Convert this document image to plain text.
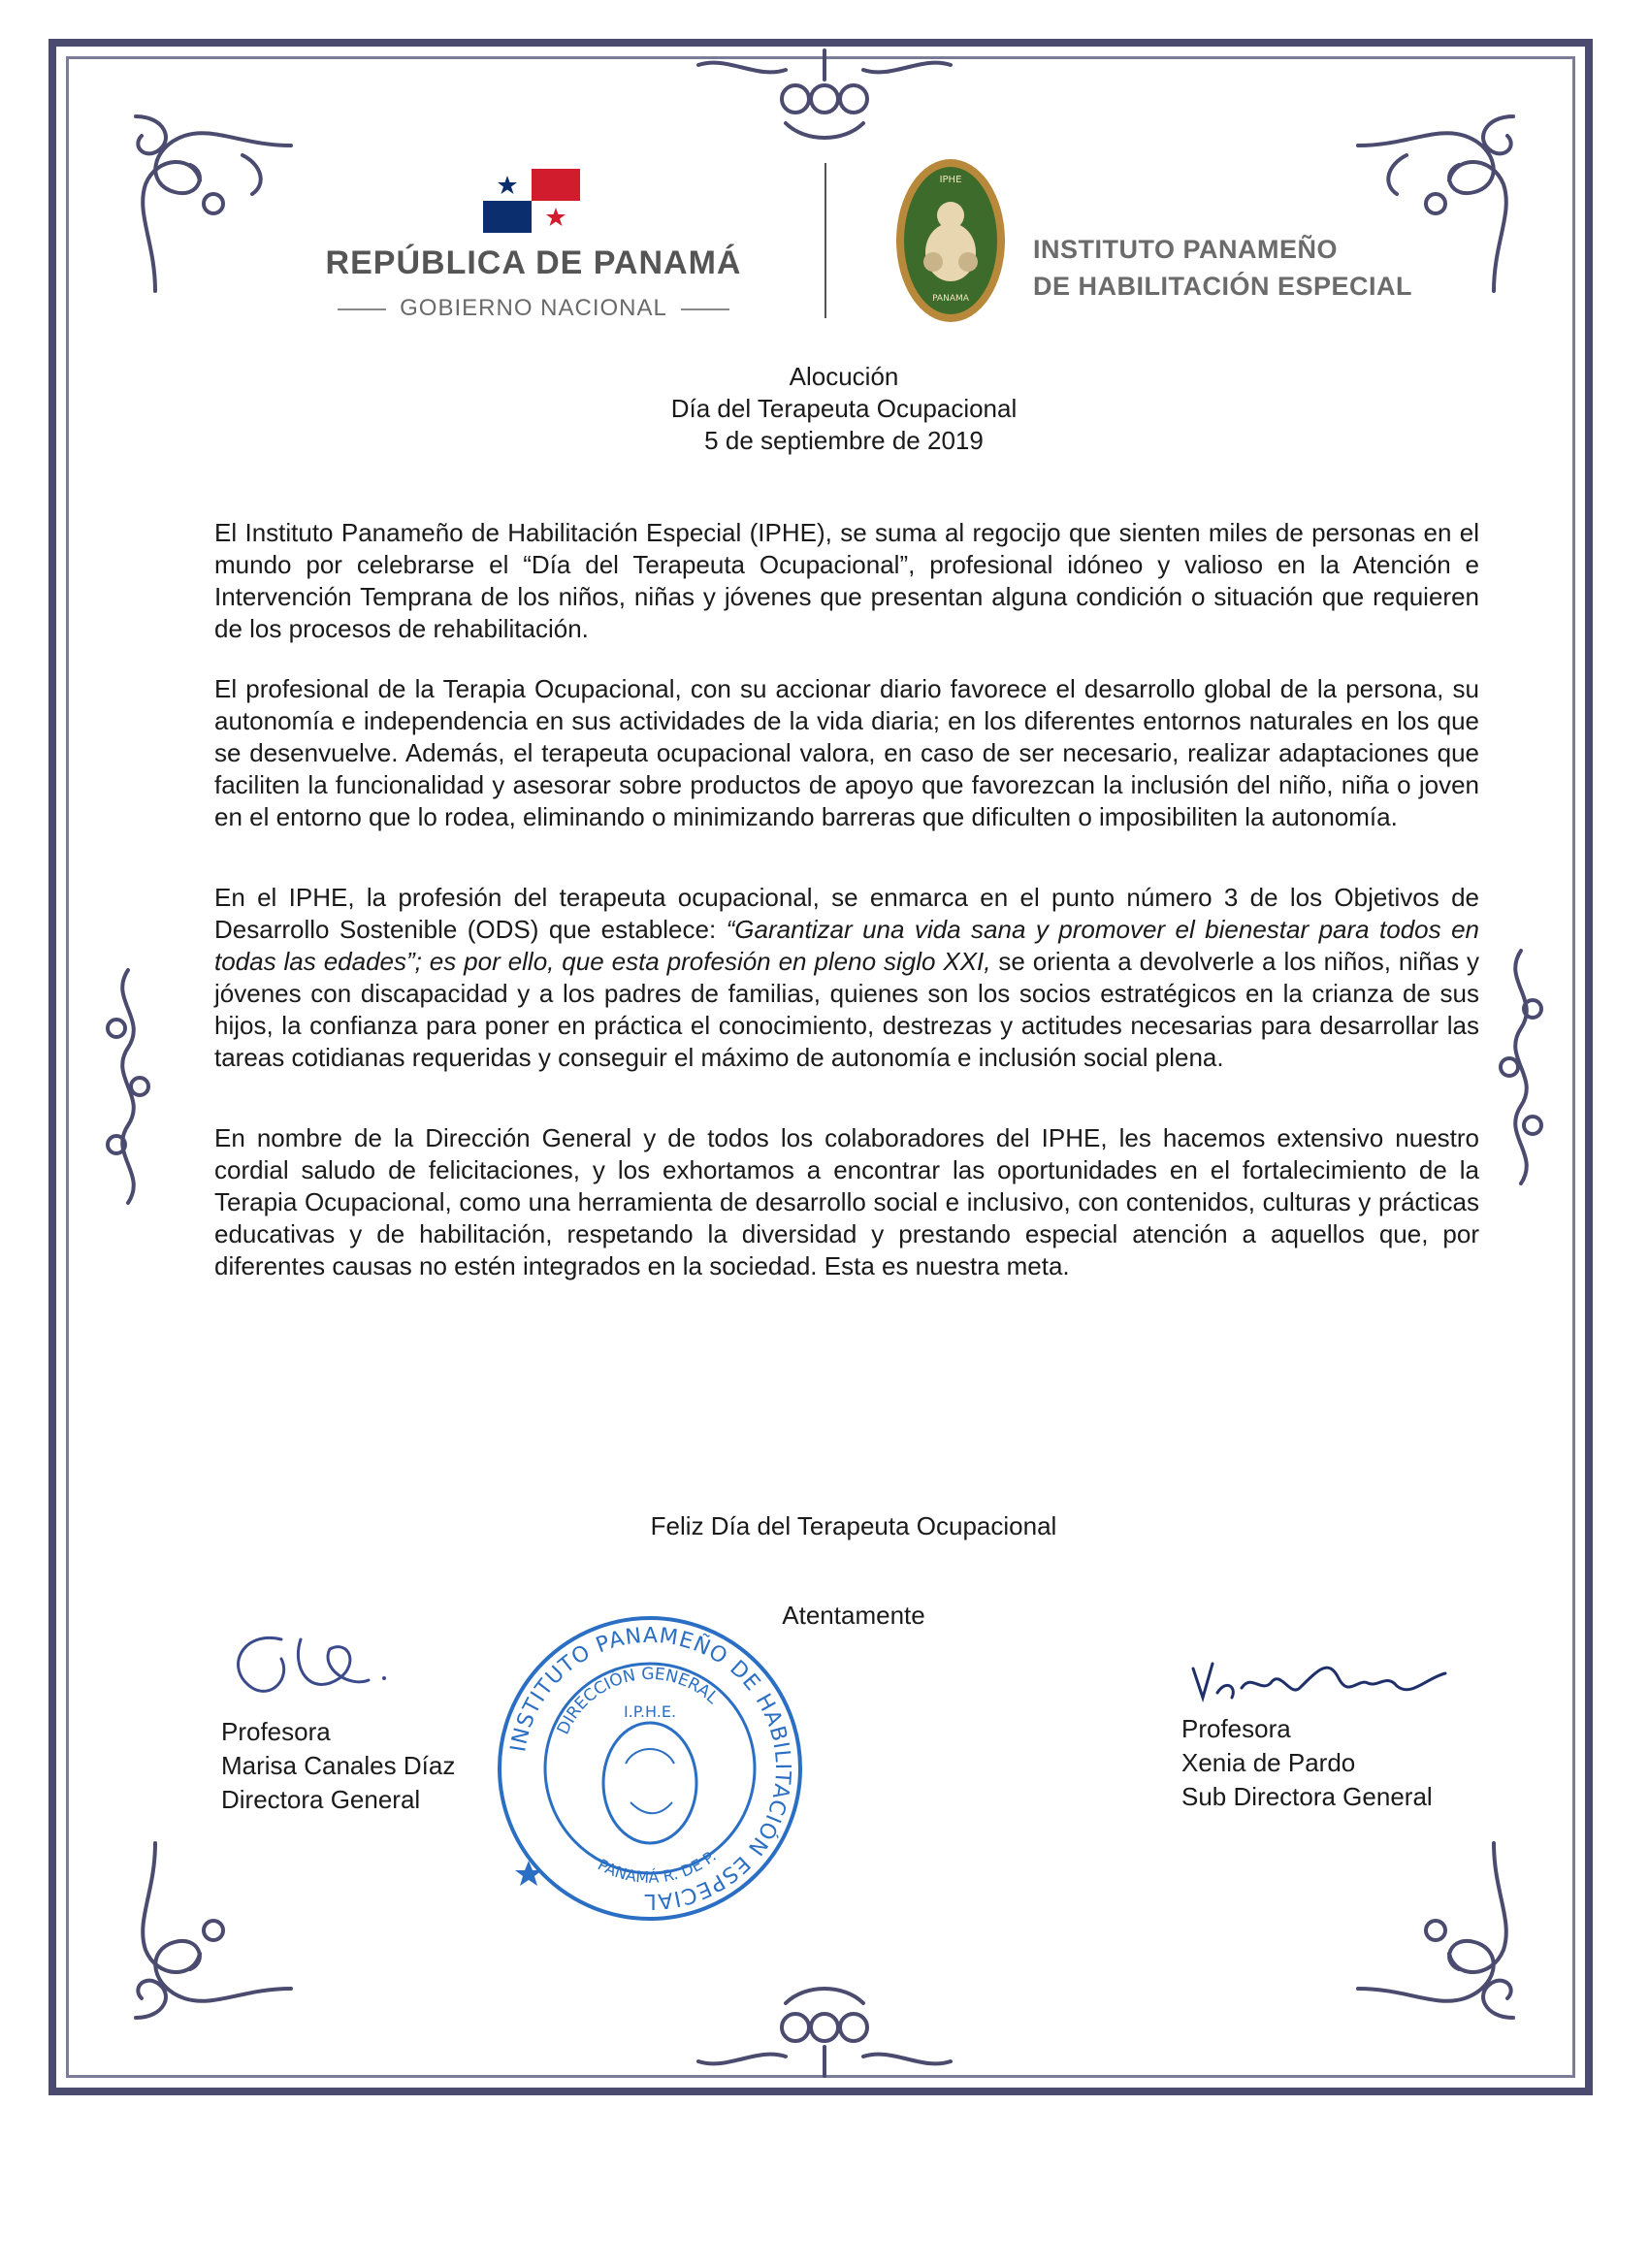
REPÚBLICA DE PANAMÁ
GOBIERNO NACIONAL
IPHE
PANAMA
INSTITUTO PANAMEÑO
DE HABILITACIÓN ESPECIAL
Alocución
Día del Terapeuta Ocupacional
5 de septiembre de 2019

El Instituto Panameño de Habilitación Especial (IPHE), se suma al regocijo que sienten miles de personas en el mundo por celebrarse el “Día del Terapeuta Ocupacional”, profesional idóneo y valioso en la Atención e Intervención Temprana de los niños, niñas y jóvenes que presentan alguna condición o situación que requieren de los procesos de rehabilitación.

El profesional de la Terapia Ocupacional, con su accionar diario favorece el desarrollo global de la persona, su autonomía e independencia en sus actividades de la vida diaria; en los diferentes entornos naturales en los que se desenvuelve. Además, el terapeuta ocupacional valora, en caso de ser necesario, realizar adaptaciones que faciliten la funcionalidad y asesorar sobre productos de apoyo que favorezcan la inclusión del niño, niña o joven en el entorno que lo rodea, eliminando o minimizando barreras que dificulten o imposibiliten la autonomía.

En el IPHE, la profesión del terapeuta ocupacional, se enmarca en el punto número 3 de los Objetivos de Desarrollo Sostenible (ODS) que establece: “Garantizar una vida sana y promover el bienestar para todos en todas las edades”; es por ello, que esta profesión en pleno siglo XXI, se orienta a devolverle a los niños, niñas y jóvenes con discapacidad y a los padres de familias, quienes son los socios estratégicos en la crianza de sus hijos, la confianza para poner en práctica el conocimiento, destrezas y actitudes necesarias para desarrollar las tareas cotidianas requeridas y conseguir el máximo de autonomía e inclusión social plena.

En nombre de la Dirección General y de todos los colaboradores del IPHE, les hacemos extensivo nuestro cordial saludo de felicitaciones, y los exhortamos a encontrar las oportunidades en el fortalecimiento de la Terapia Ocupacional, como una herramienta de desarrollo social e inclusivo, con contenidos, culturas y prácticas educativas y de habilitación, respetando la diversidad y prestando especial atención a aquellos que, por diferentes causas no estén integrados en la sociedad. Esta es nuestra meta.

Feliz Día del Terapeuta Ocupacional
Atentamente
Profesora
Marisa Canales Díaz
Directora General
Profesora
Xenia de Pardo
Sub Directora General
INSTITUTO PANAMEÑO DE HABILITACIÓN ESPECIAL
DIRECCIÓN GENERAL
I.P.H.E.
PANAMÁ R. DE P.
